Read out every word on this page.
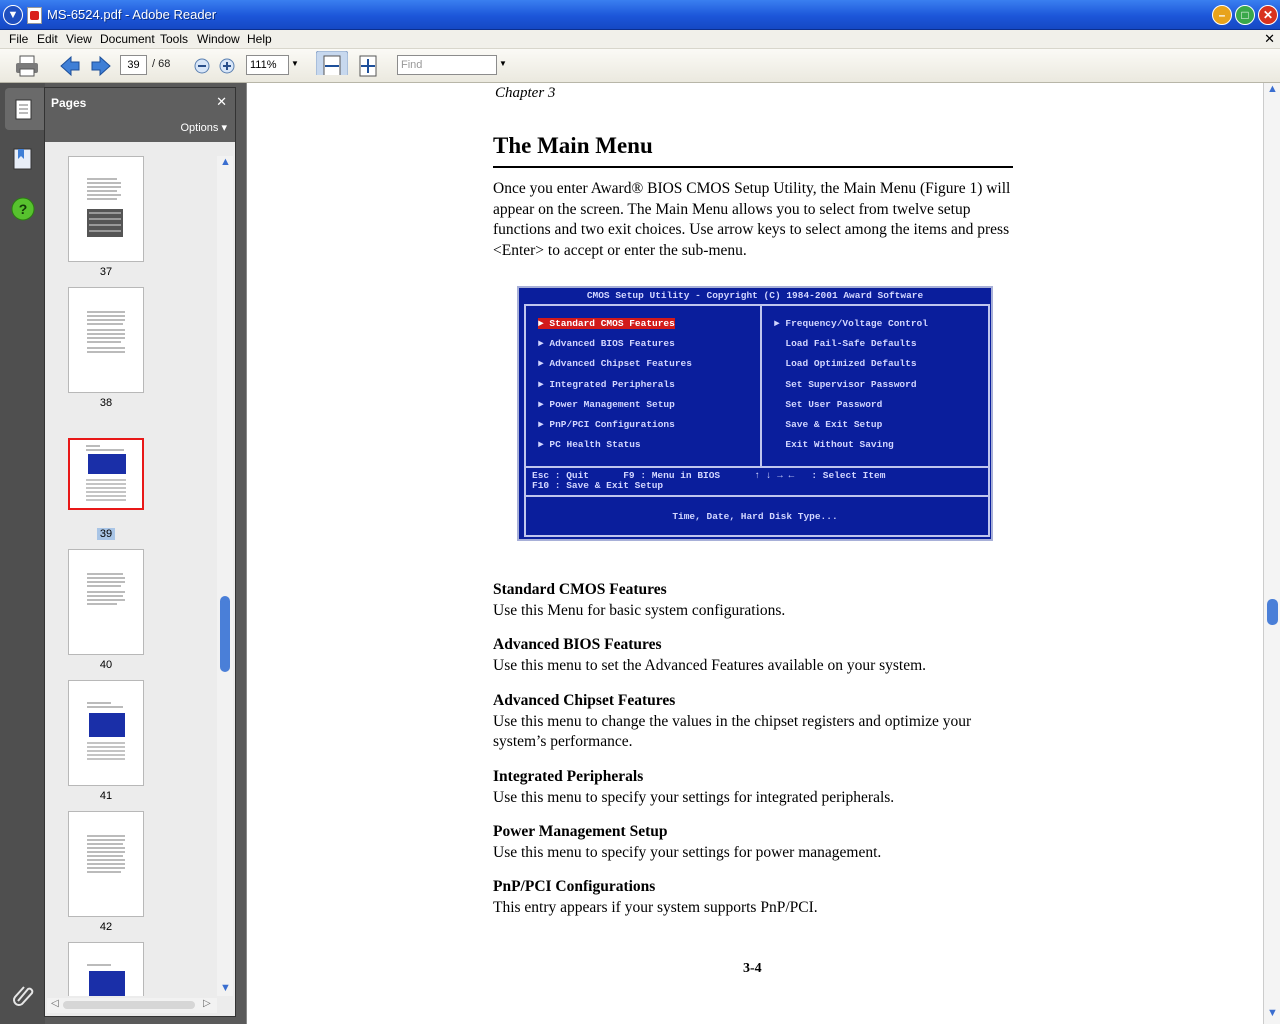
▼	MS-6524.pdf - Adobe Reader	–	□	✕
File Edit View Document Tools Window Help	✕
39	/ 68	111%	▼	Find	▼
?
Pages	✕
Options ▾
37
38
39
40
41
42
▲
▼
◁	▷
Chapter 3
The Main Menu
Once you enter Award® BIOS CMOS Setup Utility, the Main Menu (Figure 1) will appear on the screen. The Main Menu allows you to select from twelve setup functions and two exit choices. Use arrow keys to select among the items and press <Enter> to accept or enter the sub-menu.
CMOS Setup Utility - Copyright (C) 1984-2001 Award Software
► Standard CMOS Features
► Advanced BIOS Features
► Advanced Chipset Features
► Integrated Peripherals
► Power Management Setup
► PnP/PCI Configurations
► PC Health Status
► Frequency/Voltage Control
Load Fail-Safe Defaults
Load Optimized Defaults
Set Supervisor Password
Set User Password
Save & Exit Setup
Exit Without Saving
Esc : Quit      F9 : Menu in BIOS      ↑ ↓ → ←   : Select Item
F10 : Save & Exit Setup
Time, Date, Hard Disk Type...
Standard CMOS Features
Use this Menu for basic system configurations.
Advanced BIOS Features
Use this menu to set the Advanced Features available on your system.
Advanced Chipset Features
Use this menu to change the values in the chipset registers and optimize your system’s performance.
Integrated Peripherals
Use this menu to specify your settings for integrated peripherals.
Power Management Setup
Use this menu to specify your settings for power management.
PnP/PCI Configurations
This entry appears if your system supports PnP/PCI.
3-4
▲
▼
